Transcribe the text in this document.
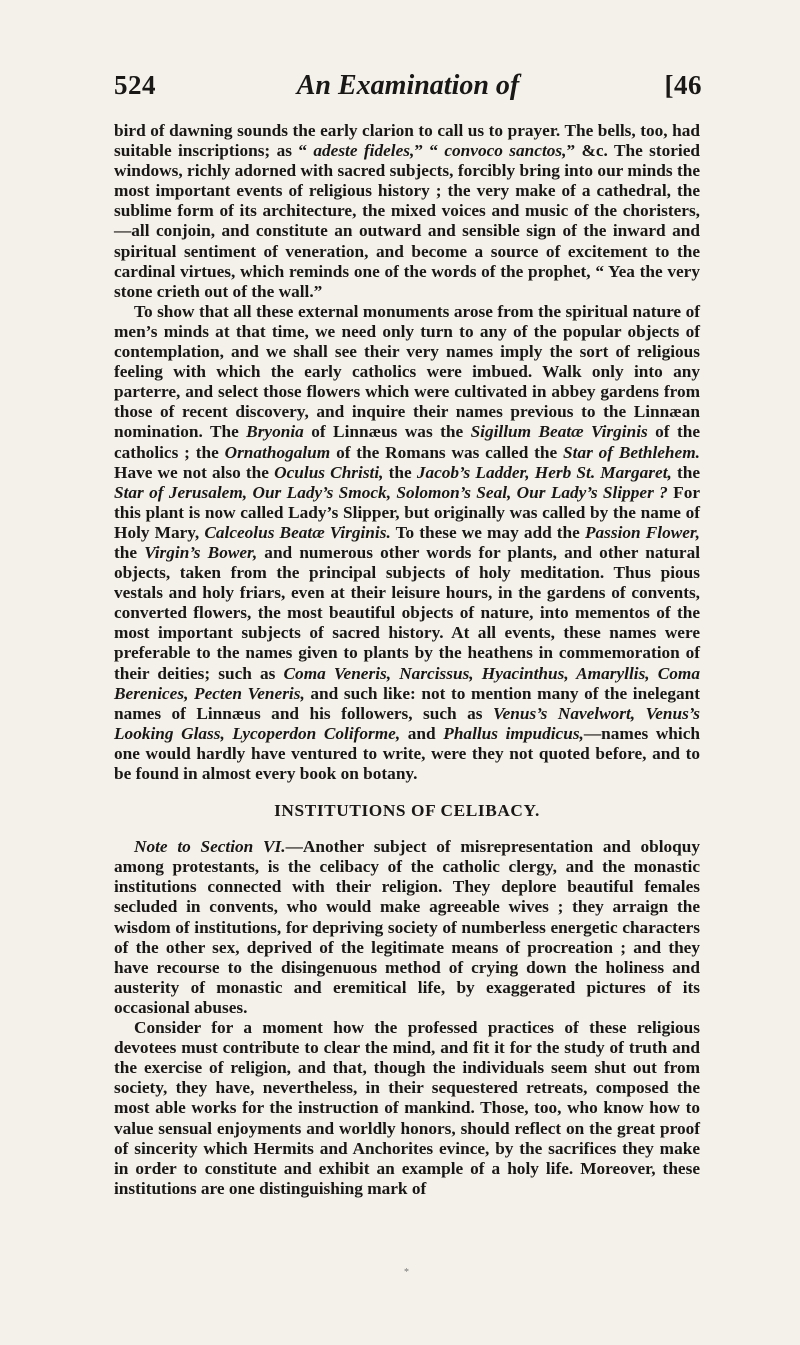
524	An Examination of	[46

bird of dawning sounds the early clarion to call us to prayer. The bells, too, had suitable inscriptions; as “ adeste fideles,” “ convoco sanctos,” &c. The storied windows, richly adorned with sacred subjects, forcibly bring into our minds the most important events of religious history ; the very make of a cathedral, the sublime form of its architecture, the mixed voices and music of the choristers,—all conjoin, and constitute an outward and sensible sign of the inward and spiritual sentiment of veneration, and become a source of excitement to the cardinal virtues, which reminds one of the words of the prophet, “ Yea the very stone crieth out of the wall.”

To show that all these external monuments arose from the spiritual nature of men’s minds at that time, we need only turn to any of the popular objects of contemplation, and we shall see their very names imply the sort of religious feeling with which the early catholics were imbued. Walk only into any parterre, and select those flowers which were cultivated in abbey gardens from those of recent discovery, and inquire their names previous to the Linnæan nomination. The Bryonia of Linnæus was the Sigillum Beatæ Virginis of the catholics ; the Ornathogalum of the Romans was called the Star of Bethlehem. Have we not also the Oculus Christi, the Jacob’s Ladder, Herb St. Margaret, the Star of Jerusalem, Our Lady’s Smock, Solomon’s Seal, Our Lady’s Slipper ? For this plant is now called Lady’s Slipper, but originally was called by the name of Holy Mary, Calceolus Beatæ Virginis. To these we may add the Passion Flower, the Virgin’s Bower, and numerous other words for plants, and other natural objects, taken from the principal subjects of holy meditation. Thus pious vestals and holy friars, even at their leisure hours, in the gardens of convents, converted flowers, the most beautiful objects of nature, into mementos of the most important subjects of sacred history. At all events, these names were preferable to the names given to plants by the heathens in commemoration of their deities; such as Coma Veneris, Narcissus, Hyacinthus, Amaryllis, Coma Berenices, Pecten Veneris, and such like: not to mention many of the inelegant names of Linnæus and his followers, such as Venus’s Navelwort, Venus’s Looking Glass, Lycoperdon Coliforme, and Phallus impudicus,—names which one would hardly have ventured to write, were they not quoted before, and to be found in almost every book on botany.

INSTITUTIONS OF CELIBACY.

Note to Section VI.—Another subject of misrepresentation and obloquy among protestants, is the celibacy of the catholic clergy, and the monastic institutions connected with their religion. They deplore beautiful females secluded in convents, who would make agreeable wives ; they arraign the wisdom of institutions, for depriving society of numberless energetic characters of the other sex, deprived of the legitimate means of procreation ; and they have recourse to the disingenuous method of crying down the holiness and austerity of monastic and eremitical life, by exaggerated pictures of its occasional abuses.

Consider for a moment how the professed practices of these religious devotees must contribute to clear the mind, and fit it for the study of truth and the exercise of religion, and that, though the individuals seem shut out from society, they have, nevertheless, in their sequestered retreats, composed the most able works for the instruction of mankind. Those, too, who know how to value sensual enjoyments and worldly honors, should reflect on the great proof of sincerity which Hermits and Anchorites evince, by the sacrifices they make in order to constitute and exhibit an example of a holy life. Moreover, these institutions are one distinguishing mark of

*
